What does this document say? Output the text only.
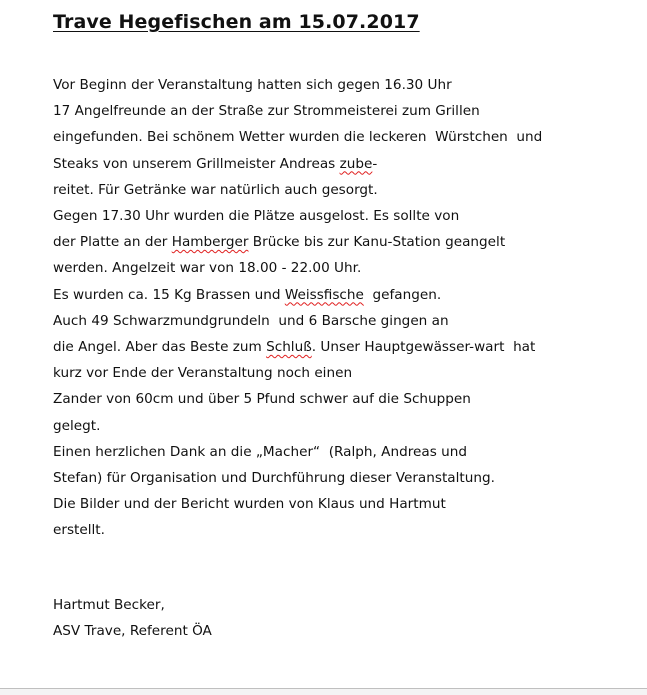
Trave Hegefischen am 15.07.2017
Vor Beginn der Veranstaltung hatten sich gegen 16.30 Uhr
17 Angelfreunde an der Straße zur Strommeisterei zum Grillen
eingefunden. Bei schönem Wetter wurden die leckeren  Würstchen  und
Steaks von unserem Grillmeister Andreas zube-
reitet. Für Getränke war natürlich auch gesorgt.
Gegen 17.30 Uhr wurden die Plätze ausgelost. Es sollte von
der Platte an der Hamberger Brücke bis zur Kanu-Station geangelt
werden. Angelzeit war von 18.00 - 22.00 Uhr.
Es wurden ca. 15 Kg Brassen und Weissfische  gefangen.
Auch 49 Schwarzmundgrundeln  und 6 Barsche gingen an
die Angel. Aber das Beste zum Schluß. Unser Hauptgewässer-wart  hat
kurz vor Ende der Veranstaltung noch einen
Zander von 60cm und über 5 Pfund schwer auf die Schuppen
gelegt.
Einen herzlichen Dank an die „Macher“  (Ralph, Andreas und
Stefan) für Organisation und Durchführung dieser Veranstaltung.
Die Bilder und der Bericht wurden von Klaus und Hartmut
erstellt.
Hartmut Becker,
ASV Trave, Referent ÖA
